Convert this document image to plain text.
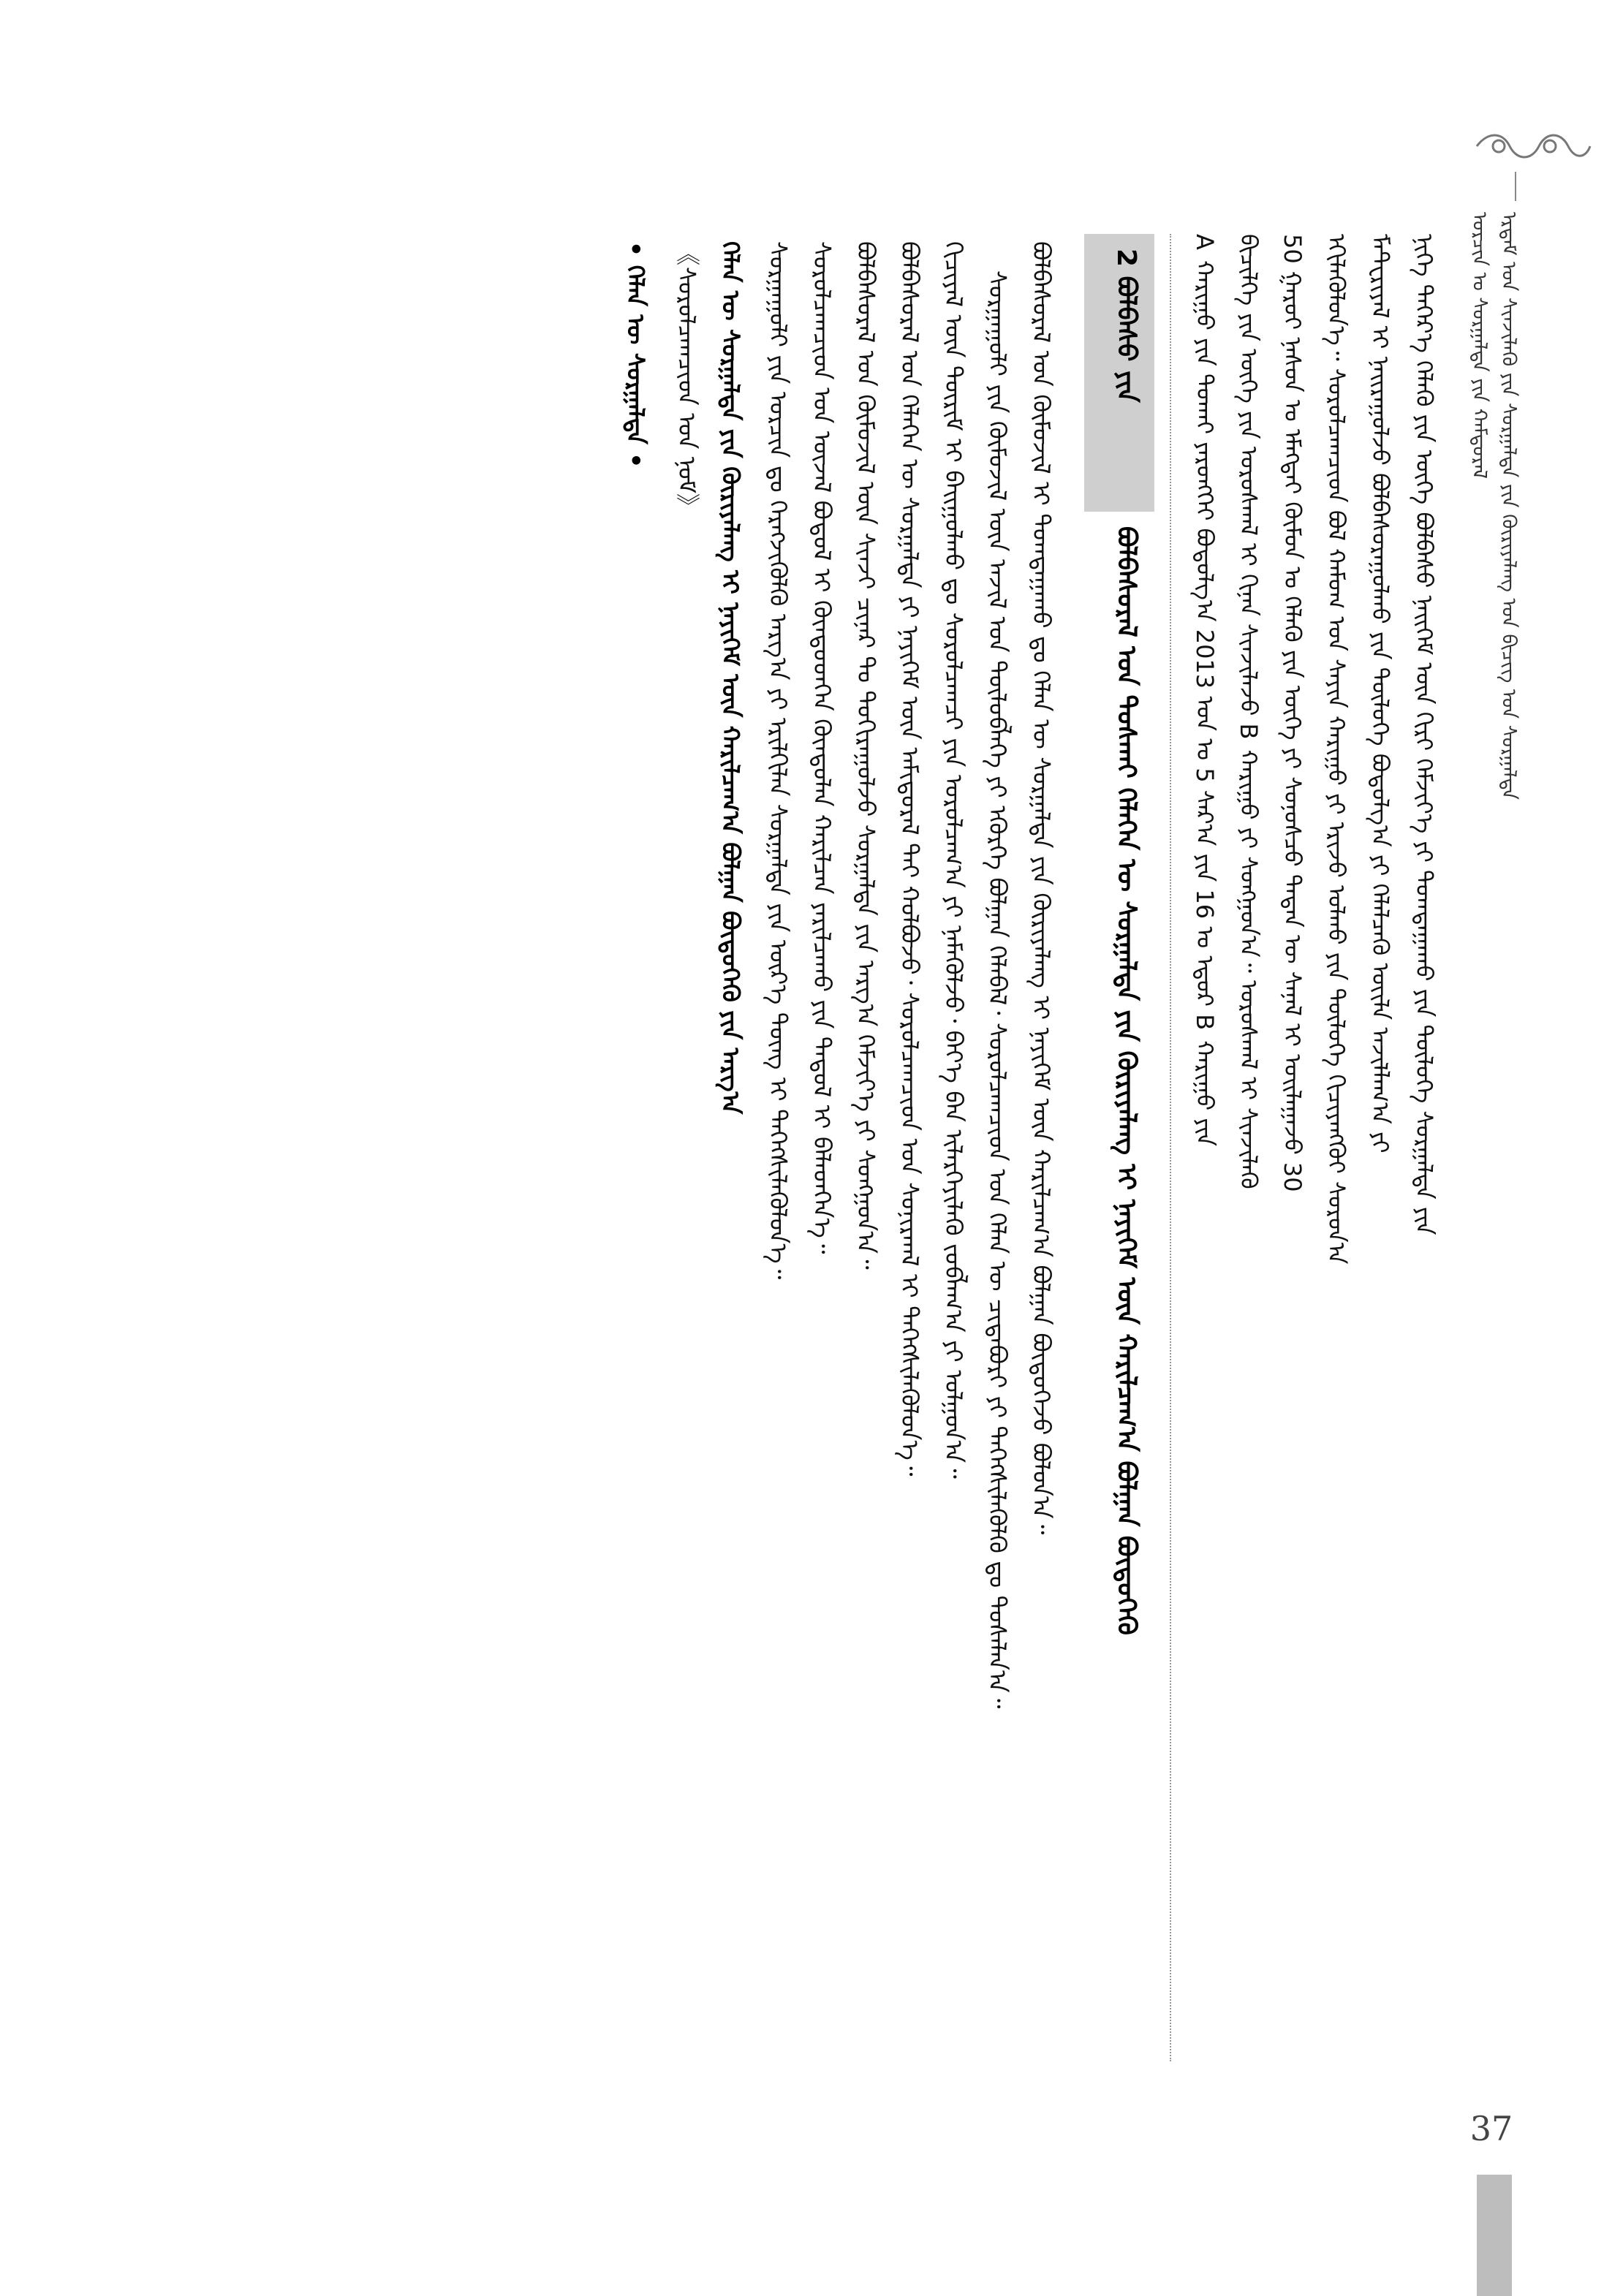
ᠡᠷᠳᠡᠮ ᠤᠨ ᠰᠢᠨᠵᠢᠯᠡᠬᠦ ᠶᠢᠨ ᠰᠤᠷᠭᠠᠯᠳᠠ ᠶᠢᠨ ᠬᠦᠷᠢᠶᠡᠯᠡᠩ ᠤᠨ ᠪᠢᠴᠢᠭ᠌ ᠤᠨ ᠰᠤᠷᠭᠠᠯᠳᠠ
ᠣᠷᠴᠢᠨ ᠤ ᠰᠤᠷᠭᠠᠯᠳᠠ ᠶᠢᠨ ᠬᠠᠮᠲᠤᠷᠠᠯ
ᠨᠢᠭᠡ ᠳᠡᠭᠡᠷ᠎ᠡ ᠬᠡᠯᠡᠬᠦ ᠶᠢᠨ ᠦᠭᠡ ᠪᠣᠯᠪᠠᠰᠤ ᠨᠡᠢᠭᠡᠮ ᠦᠨ ᠬᠢᠷᠢ ᠬᠡᠮᠵᠢᠶ᠎ᠡ ᠶᠢ ᠲᠣᠭᠲᠠᠭᠠᠬᠤ ᠶᠢᠨ ᠲᠥᠯᠦᠭᠡ ᠰᠤᠷᠭᠠᠯᠳᠠ ᠶᠢᠨ
ᠮᠠᠲ᠋ᠧᠷᠢᠶᠠᠯ ᠢ ᠨᠠᠢᠷᠠᠭᠤᠯᠵᠤ ᠪᠣᠯᠪᠠᠰᠤᠷᠠᠭᠤᠯᠬᠤ ᠶᠢᠨ ᠲᠥᠯᠦᠭᠡ ᠪᠣᠳᠤᠯᠭ᠎ᠠ ᠶᠢ ᠬᠡᠯᠡᠯᠴᠡᠬᠦ ᠦᠢᠯᠡ ᠠᠵᠢᠯᠯᠠᠭ᠎ᠠ ᠶᠢ
ᠡᠬᠢᠯᠡᠭᠦᠯᠦᠨ᠎ᠡ᠃ ᠰᠤᠷᠤᠯᠴᠠᠭᠴᠢᠳ ᠪᠣᠯ ᠬᠠᠮᠤᠭ ᠤᠨ ᠰᠠᠶᠢᠨ ᠬᠠᠷᠢᠭᠤ ᠶᠢ ᠡᠷᠢᠵᠦ ᠣᠯᠬᠤ ᠶᠢᠨ ᠲᠥᠯᠦᠭᠡ ᠬᠢᠴᠢᠶᠡᠩᠭᠦᠢ ᠰᠤᠷᠤᠨ᠎ᠠ
50 ᠭᠠᠷᠤᠢ ᠨᠠᠰᠤᠨ ᠤ ᠡᠮᠡᠭᠲᠡᠢ ᠬᠦᠮᠦᠨ ᠤ ᠬᠡᠯᠡᠬᠦ ᠶᠢᠨ ᠦᠭᠡ ᠶᠢ ᠰᠣᠨᠣᠰᠴᠤ ᠲᠡᠳᠡᠨ ᠦ ᠰᠠᠨᠠᠯ ᠢ ᠣᠢᠯᠠᠭᠠᠵᠤ 30
ᠪᠢᠴᠢᠯᠭᠡ ᠶᠢᠨ ᠦᠭᠡ ᠶᠢᠨ ᠤᠷᠤᠰᠬᠠᠯ ᠢ ᠬᠢᠨᠠᠨ ᠰᠢᠨᠵᠢᠯᠡᠵᠦ B ᠬᠠᠷᠢᠭᠤ ᠶᠢ ᠰᠣᠩᠭᠣᠨ᠎ᠠ᠃ ᠤᠷᠤᠰᠬᠠᠯ ᠢ ᠰᠢᠨᠵᠢᠯᠡᠬᠦ
A ᠬᠠᠷᠢᠭᠤ ᠶᠢᠨ ᠲᠤᠬᠠᠢ ᠶᠡᠷᠦᠩᠬᠡᠢ ᠪᠣᠳᠤᠯᠭ᠎ᠠ 2013 ᠣᠨ ᠤ 5 ᠰᠠᠷ᠎ᠠ ᠶᠢᠨ 16 ᠤ ᠡᠳᠦᠷ B ᠬᠠᠷᠢᠭᠤ ᠶᠢᠨ
2 ᠪᠣᠯᠪᠠᠰᠤ ᠶᠢᠨ
ᠪᠣᠯᠪᠠᠰᠤᠷᠠᠯ ᠤᠨ ᠲᠤᠰᠬᠠᠢ ᠬᠡᠯᠡᠭᠡᠨ ᠦ ᠰᠤᠷᠭᠠᠯᠳᠠ ᠶᠢᠨ ᠬᠦᠷᠢᠶᠡᠯᠡᠩ ᠢ ᠨᠡᠶᠢᠭᠡᠮ ᠦᠨ ᠬᠠᠷᠢᠯᠴᠠᠭ᠎ᠠ ᠪᠣᠯᠭᠠᠨ ᠪᠦᠲᠦᠭᠡᠬᠦ
ᠪᠣᠯᠪᠠᠰᠤᠷᠠᠯ ᠤᠨ ᠬᠦᠮᠦᠵᠢᠯ ᠢ ᠲᠣᠭᠲᠠᠭᠠᠬᠤ ᠳᠤ ᠬᠡᠯᠡᠨ ᠦ ᠰᠤᠷᠭᠠᠯᠳᠠ ᠶᠢᠨ ᠬᠦᠷᠢᠶᠡᠯᠡᠩ ᠢ ᠨᠡᠶᠢᠭᠡᠮ ᠦᠨ ᠬᠠᠷᠢᠯᠴᠠᠭ᠎ᠠ ᠪᠣᠯᠭᠠᠨ ᠪᠦᠲᠦᠭᠡᠵᠦ ᠪᠣᠯᠤᠨ᠎ᠠ᠃
ᠰᠤᠷᠭᠠᠭᠤᠯᠢ ᠶᠢᠨ ᠬᠦᠮᠦᠵᠢᠯ ᠦᠨ ᠠᠵᠢᠯ ᠤᠨ ᠲᠥᠯᠦᠪᠯᠡᠭᠡ ᠶᠢ ᠡᠭᠦᠷᠭᠡ ᠪᠣᠯᠭᠠᠨ ᠬᠡᠯᠡᠪᠡᠯ᠂ ᠰᠤᠷᠤᠯᠴᠠᠭᠴᠢᠳ ᠤᠨ ᠬᠡᠯᠡᠨ ᠦ ᠴᠢᠳᠠᠪᠤᠷᠢ ᠶᠢ ᠳᠡᠭᠡᠭᠰᠢᠯᠡᠭᠦᠯᠬᠦ ᠳᠤ ᠲᠤᠰᠠᠯᠠᠨ᠎ᠠ᠃
ᠬᠢᠴᠢᠶᠡᠯ ᠦᠨ ᠳᠦᠷᠢᠮ ᠢ ᠪᠠᠢᠭᠤᠯᠬᠤ ᠳᠤ ᠰᠤᠷᠤᠯᠴᠠᠭᠴᠢ ᠶᠢᠨ ᠣᠷᠤᠯᠴᠠᠭ᠎ᠠ ᠶᠢ ᠨᠡᠮᠡᠭᠦᠯᠵᠦ᠂ ᠪᠡᠶ᠎ᠡ ᠪᠡᠨ ᠢᠯᠡᠷᠬᠡᠶᠢᠯᠡᠬᠦ ᠵᠣᠪᠯᠠᠭ᠎ᠠ ᠶᠢ ᠣᠯᠭᠤᠨ᠎ᠠ᠃
ᠪᠣᠯᠪᠠᠰᠤᠷᠠᠯ ᠤᠨ ᠬᠡᠯᠡᠭᠡᠨ ᠦ ᠰᠤᠷᠭᠠᠯᠳᠠ ᠶᠢ ᠨᠡᠶᠢᠭᠡᠮ ᠦᠨ ᠠᠮᠢᠳᠤᠷᠠᠯ ᠲᠠᠢ ᠬᠣᠯᠪᠣᠵᠤ᠂ ᠰᠤᠷᠤᠯᠴᠠᠭᠴᠢᠳ ᠤᠨ ᠰᠣᠨᠢᠷᠬᠠᠯ ᠢ ᠳᠡᠭᠡᠭᠰᠢᠯᠡᠭᠦᠯᠦᠨ᠎ᠡ᠃
ᠪᠣᠯᠪᠠᠰᠤᠷᠠᠯ ᠤᠨ ᠬᠦᠮᠦᠵᠢᠯ ᠦᠨ ᠰᠢᠨᠵᠢ ᠴᠢᠨᠠᠷ ᠲᠤ ᠲᠣᠬᠢᠷᠠᠭᠤᠯᠵᠤ ᠰᠤᠷᠭᠠᠯᠳᠠ ᠶᠢᠨ ᠠᠷᠭ᠎ᠠ ᠬᠡᠮᠵᠢᠶ᠎ᠡ ᠶᠢ ᠰᠣᠩᠭᠣᠨ᠎ᠠ᠃
ᠰᠤᠷᠤᠯᠴᠠᠭᠴᠢᠳ ᠤᠨ ᠦᠵᠡᠯ ᠪᠣᠳᠤᠯ ᠢ ᠬᠦᠨᠳᠦᠳᠬᠡᠨ ᠬᠦᠨᠳᠦᠯᠡᠨ ᠬᠠᠷᠢᠯᠴᠠᠨ ᠶᠠᠷᠢᠯᠴᠠᠬᠤ ᠶᠢᠨ ᠳᠠᠳᠤᠯ ᠢ ᠪᠡᠯᠡᠳᠬᠡᠨ᠎ᠡ᠃
ᠰᠤᠷᠭᠠᠭᠤᠯᠢ ᠶᠢᠨ ᠣᠷᠴᠢᠨ ᠳᠤ ᠬᠡᠷᠡᠭᠵᠢᠭᠦᠯᠬᠦ ᠠᠷᠭ᠎ᠠ ᠶᠢ ᠡᠷᠢᠯᠬᠢᠯᠡᠨ ᠰᠤᠷᠭᠠᠯᠳᠠ ᠶᠢᠨ ᠦᠷ᠎ᠡ ᠳᠦᠩ ᠢ ᠳᠡᠭᠡᠭᠰᠢᠯᠡᠭᠦᠯᠦᠨ᠎ᠡ᠃
ᠬᠡᠯᠡᠨ ᠦ ᠰᠤᠷᠭᠠᠯᠳᠠ ᠶᠢᠨ ᠬᠦᠷᠢᠶᠡᠯᠡᠩ ᠢ ᠨᠡᠶᠢᠭᠡᠮ ᠦᠨ ᠬᠠᠷᠢᠯᠴᠠᠭ᠎ᠠ ᠪᠣᠯᠭᠠᠨ ᠪᠦᠲᠦᠭᠡᠬᠦ ᠶᠢᠨ ᠠᠷᠭ᠎ᠠ
《ᠰᠤᠷᠤᠯᠴᠠᠭᠴᠢᠳ ᠤᠨ ᠨᠣᠮ》
• ᠬᠡᠯᠡᠨ ᠦ ᠰᠤᠷᠭᠠᠯᠳᠠ •
37
